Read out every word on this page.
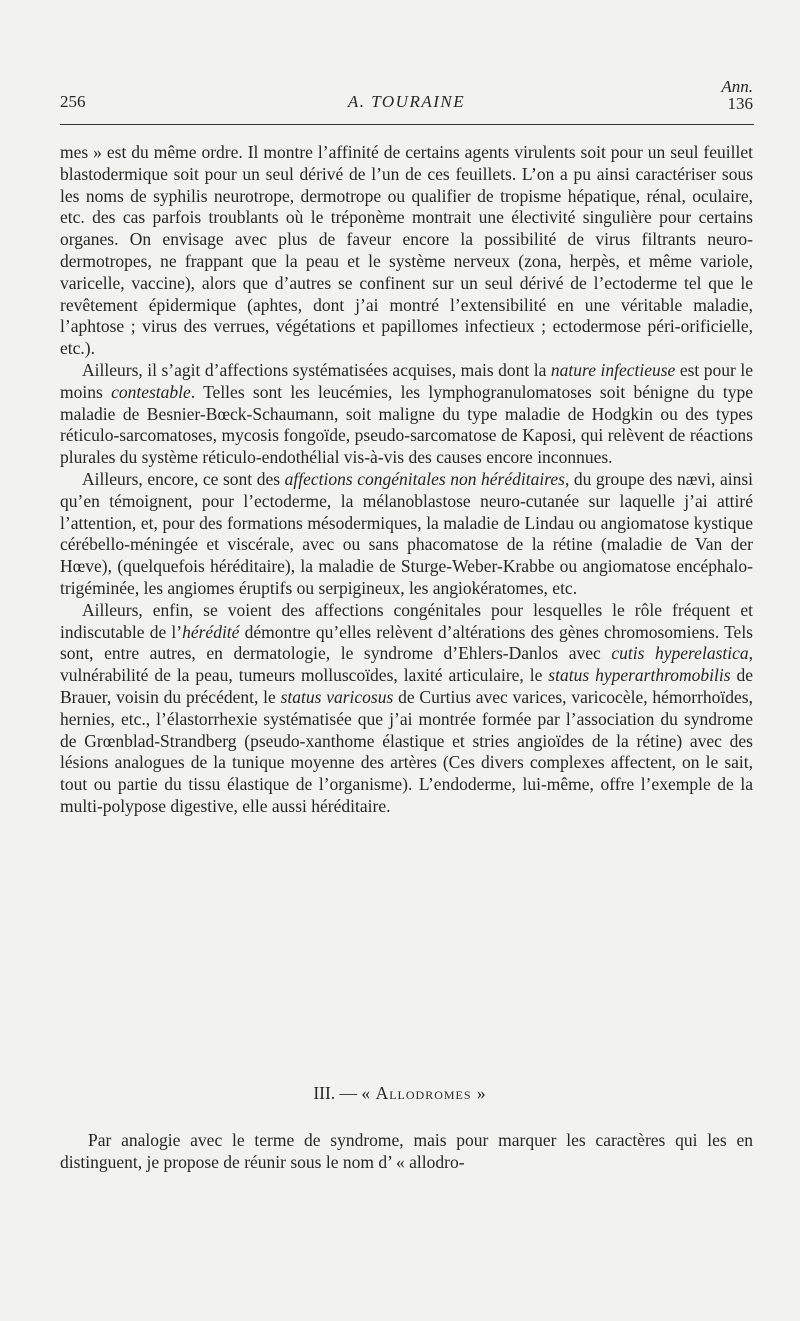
256	A. TOURAINE
Ann.
136

mes » est du même ordre. Il montre l’affinité de certains agents virulents soit pour un seul feuillet blastodermique soit pour un seul dérivé de l’un de ces feuillets. L’on a pu ainsi caractériser sous les noms de syphilis neurotrope, dermotrope ou qualifier de tropisme hépatique, rénal, oculaire, etc. des cas parfois troublants où le tréponème montrait une électivité singulière pour certains organes. On envisage avec plus de faveur encore la possibilité de virus filtrants neuro-dermotropes, ne frappant que la peau et le système nerveux (zona, herpès, et même variole, varicelle, vaccine), alors que d’autres se confinent sur un seul dérivé de l’ectoderme tel que le revêtement épidermique (aphtes, dont j’ai montré l’extensibilité en une véritable maladie, l’aphtose ; virus des verrues, végétations et papillomes infectieux ; ectodermose péri-orificielle, etc.).

Ailleurs, il s’agit d’affections systématisées acquises, mais dont la nature infectieuse est pour le moins contestable. Telles sont les leucémies, les lymphogranulomatoses soit bénigne du type maladie de Besnier-Bœck-Schaumann, soit maligne du type maladie de Hodgkin ou des types réticulo-sarcomatoses, mycosis fongoïde, pseudo-sarcomatose de Kaposi, qui relèvent de réactions plurales du système réticulo-endothélial vis-à-vis des causes encore inconnues.

Ailleurs, encore, ce sont des affections congénitales non héréditaires, du groupe des nævi, ainsi qu’en témoignent, pour l’ectoderme, la mélanoblastose neuro-cutanée sur laquelle j’ai attiré l’attention, et, pour des formations mésodermiques, la maladie de Lindau ou angiomatose kystique cérébello-méningée et viscérale, avec ou sans phacomatose de la rétine (maladie de Van der Hœve), (quelquefois héréditaire), la maladie de Sturge-Weber-Krabbe ou angiomatose encéphalo-trigéminée, les angiomes éruptifs ou serpigineux, les angiokératomes, etc.

Ailleurs, enfin, se voient des affections congénitales pour lesquelles le rôle fréquent et indiscutable de l’hérédité démontre qu’elles relèvent d’altérations des gènes chromosomiens. Tels sont, entre autres, en dermatologie, le syndrome d’Ehlers-Danlos avec cutis hyperelastica, vulnérabilité de la peau, tumeurs molluscoïdes, laxité articulaire, le status hyperarthromobilis de Brauer, voisin du précédent, le status varicosus de Curtius avec varices, varicocèle, hémorrhoïdes, hernies, etc., l’élastorrhexie systématisée que j’ai montrée formée par l’association du syndrome de Grœnblad-Strandberg (pseudo-xanthome élastique et stries angioïdes de la rétine) avec des lésions analogues de la tunique moyenne des artères (Ces divers complexes affectent, on le sait, tout ou partie du tissu élastique de l’organisme). L’endoderme, lui-même, offre l’exemple de la multi-polypose digestive, elle aussi héréditaire.

III. — « Allodromes »

Par analogie avec le terme de syndrome, mais pour marquer les caractères qui les en distinguent, je propose de réunir sous le nom d’ « allodro-
